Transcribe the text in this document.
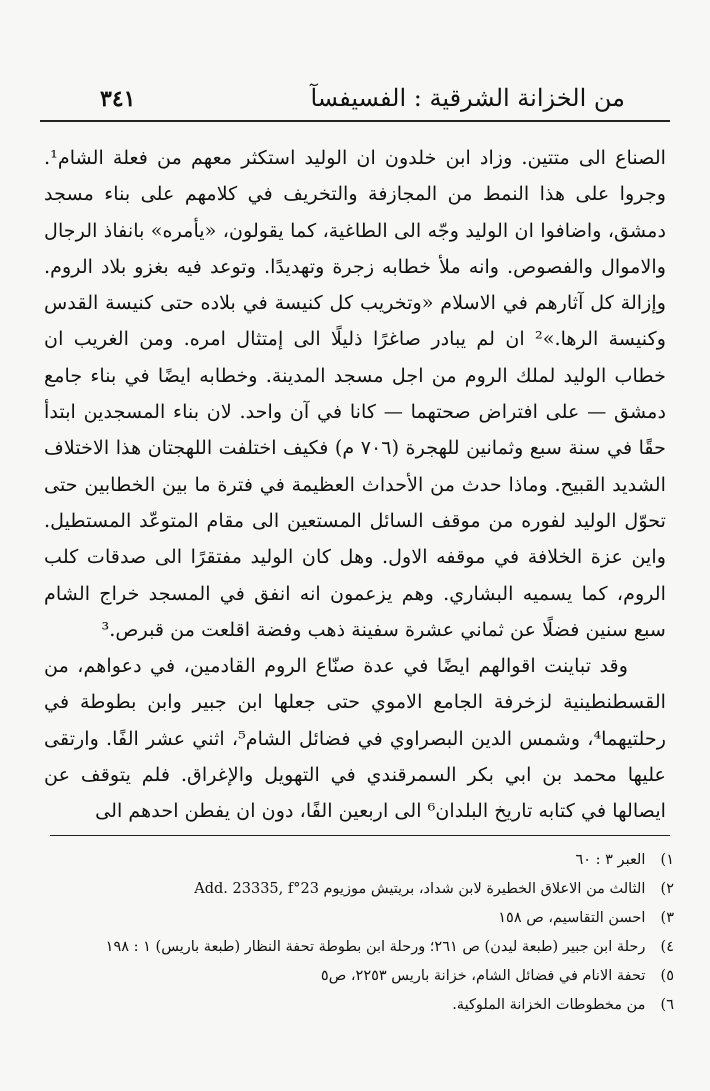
٣٤١	من الخزانة الشرقية : الفسيفسآ

الصناع الى متتين. وزاد ابن خلدون ان الوليد استكثر معهم من فعلة الشام¹. وجروا على هذا النمط من المجازفة والتخريف في كلامهم على بناء مسجد دمشق، واضافوا ان الوليد وجّه الى الطاغية، كما يقولون، «يأمره» بانفاذ الرجال والاموال والفصوص. وانه ملأ خطابه زجرة وتهديدًا. وتوعد فيه بغزو بلاد الروم. وإزالة كل آثارهم في الاسلام «وتخريب كل كنيسة في بلاده حتى كنيسة القدس وكنيسة الرها.»² ان لم يبادر صاغرًا ذليلًا الى إمتثال امره. ومن الغريب ان خطاب الوليد لملك الروم من اجل مسجد المدينة. وخطابه ايضًا في بناء جامع دمشق — على افتراض صحتهما — كانا في آن واحد. لان بناء المسجدين ابتدأ حقًا في سنة سبع وثمانين للهجرة (٧٠٦ م) فكيف اختلفت اللهجتان هذا الاختلاف الشديد القبيح. وماذا حدث من الأحداث العظيمة في فترة ما بين الخطابين حتى تحوّل الوليد لفوره من موقف السائل المستعين الى مقام المتوعّد المستطيل. واين عزة الخلافة في موقفه الاول. وهل كان الوليد مفتقرًا الى صدقات كلب الروم، كما يسميه البشاري. وهم يزعمون انه انفق في المسجد خراج الشام سبع سنين فضلًا عن ثماني عشرة سفينة ذهب وفضة اقلعت من قبرص.³

وقد تباينت اقوالهم ايضًا في عدة صنّاع الروم القادمين، في دعواهم، من القسطنطينية لزخرفة الجامع الاموي حتى جعلها ابن جبير وابن بطوطة في رحلتيهما⁴، وشمس الدين البصراوي في فضائل الشام⁵، اثني عشر الفًا. وارتقى عليها محمد بن ابي بكر السمرقندي في التهويل والإغراق. فلم يتوقف عن ايصالها في كتابه تاريخ البلدان⁶ الى اربعين الفًا، دون ان يفطن احدهم الى

١) العبر ٣ : ٦٠

٢) الثالث من الاعلاق الخطيرة لابن شداد، بريتيش موزيوم Add. 23335, f°23

٣) احسن التقاسيم، ص ١٥٨

٤) رحلة ابن جبير (طبعة ليدن) ص ٢٦١؛ ورحلة ابن بطوطة تحفة النظار (طبعة باريس) ١ : ١٩٨

٥) تحفة الانام في فضائل الشام، خزانة باريس ٢٢٥٣، ص٥

٦) من مخطوطات الخزانة الملوكية.
